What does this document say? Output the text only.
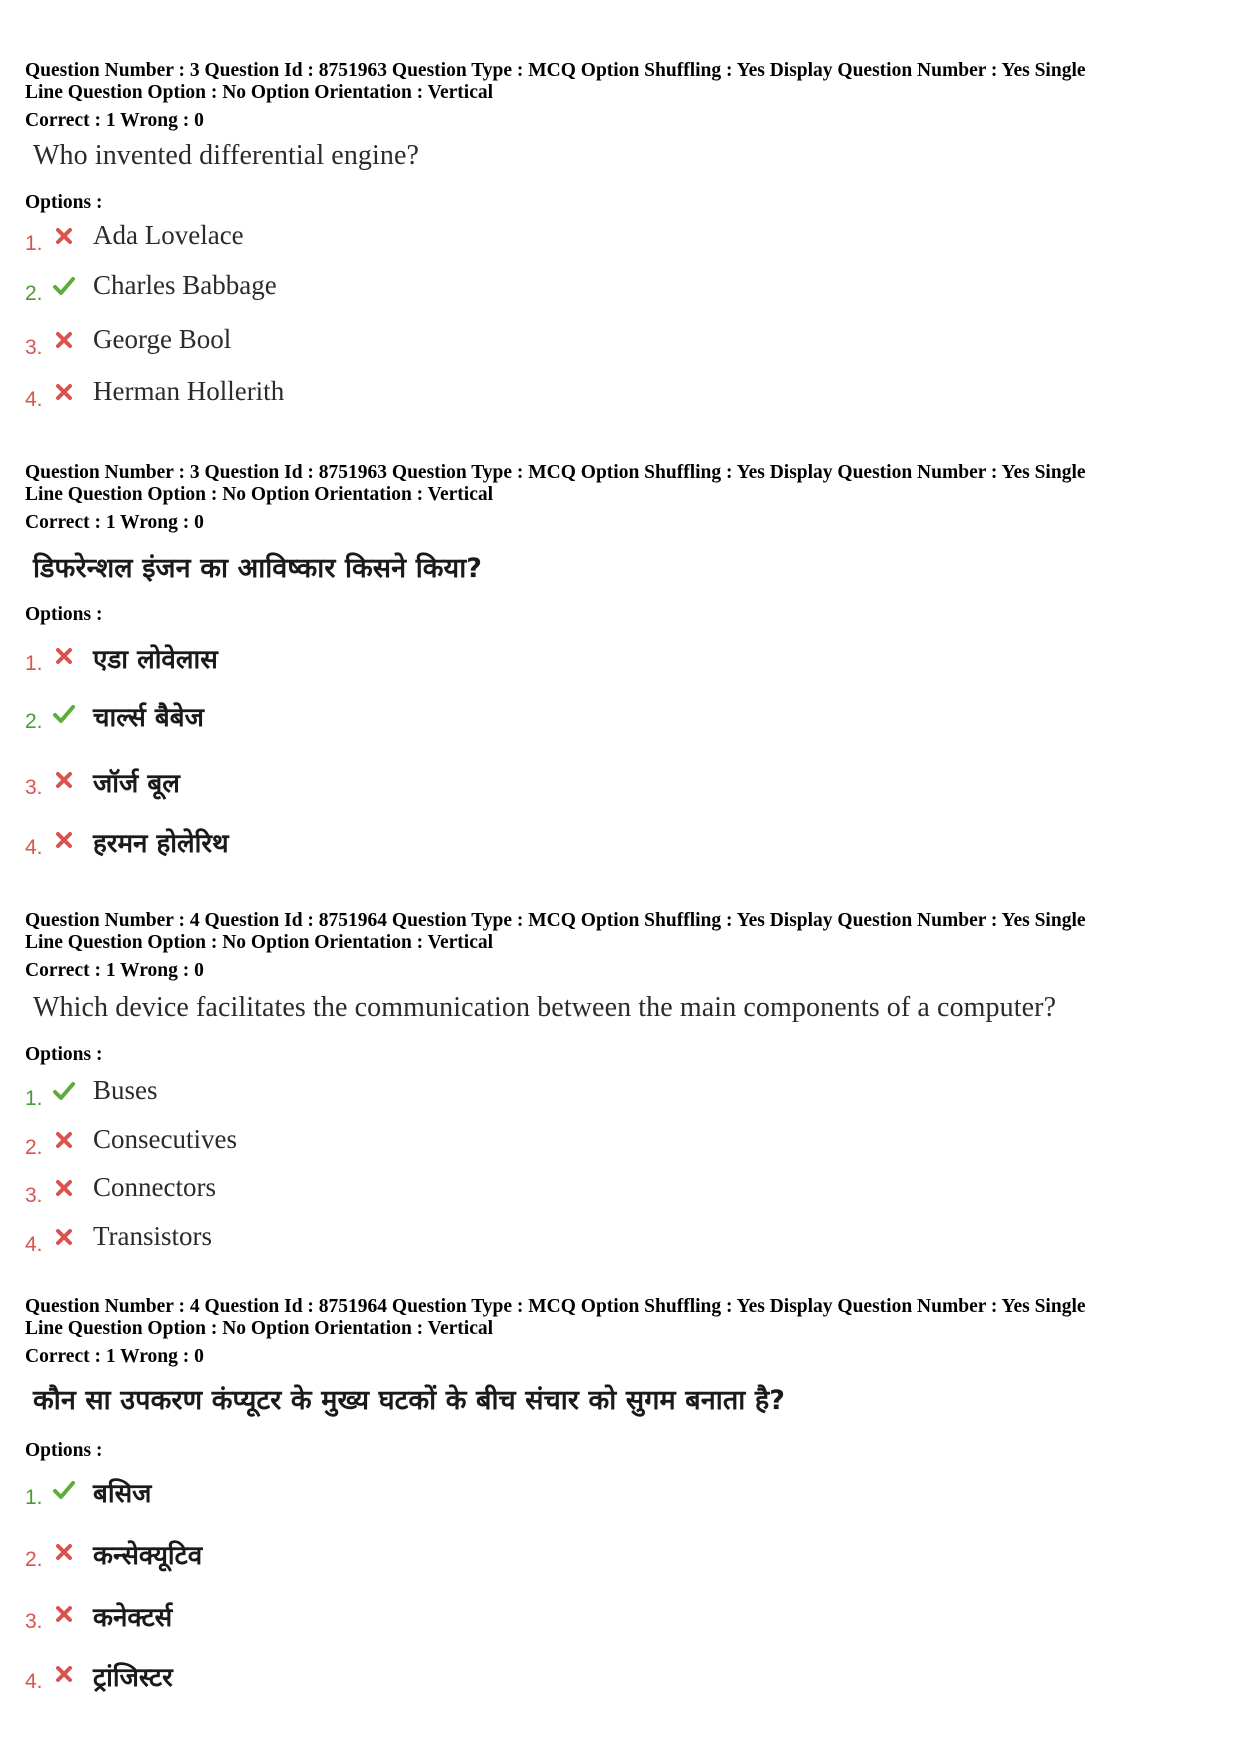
Question Number : 3 Question Id : 8751963 Question Type : MCQ Option Shuffling : Yes Display Question Number : Yes Single
Line Question Option : No Option Orientation : Vertical
Correct : 1 Wrong : 0
Who invented differential engine?
Options :
1. Ada Lovelace
2. Charles Babbage
3. George Bool
4. Herman Hollerith
Question Number : 3 Question Id : 8751963 Question Type : MCQ Option Shuffling : Yes Display Question Number : Yes Single
Line Question Option : No Option Orientation : Vertical
Correct : 1 Wrong : 0
डिफरेन्शल इंजन का आविष्कार किसने किया?
Options :
1. एडा लोवेलास
2. चार्ल्स बैबेज
3. जॉर्ज बूल
4. हरमन होलेरिथ
Question Number : 4 Question Id : 8751964 Question Type : MCQ Option Shuffling : Yes Display Question Number : Yes Single
Line Question Option : No Option Orientation : Vertical
Correct : 1 Wrong : 0
Which device facilitates the communication between the main components of a computer?
Options :
1. Buses
2. Consecutives
3. Connectors
4. Transistors
Question Number : 4 Question Id : 8751964 Question Type : MCQ Option Shuffling : Yes Display Question Number : Yes Single
Line Question Option : No Option Orientation : Vertical
Correct : 1 Wrong : 0
कौन सा उपकरण कंप्यूटर के मुख्य घटकों के बीच संचार को सुगम बनाता है?
Options :
1. बसिज
2. कन्सेक्यूटिव
3. कनेक्टर्स
4. ट्रांजिस्टर
